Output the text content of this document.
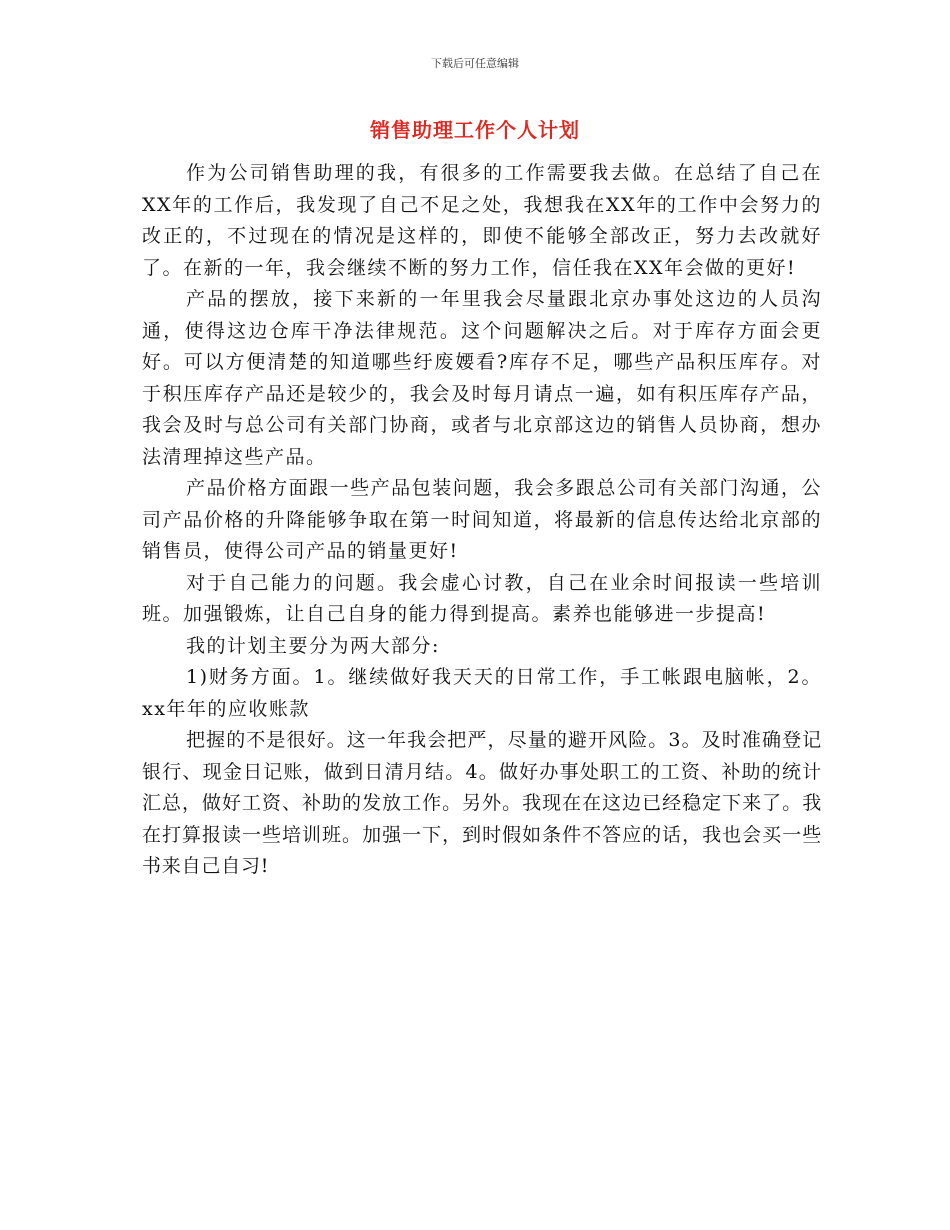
下载后可任意编辑
销售助理工作个人计划

作为公司销售助理的我，有很多的工作需要我去做。在总结了自己在XX年的工作后，我发现了自己不足之处，我想我在XX年的工作中会努力的改正的，不过现在的情况是这样的，即使不能够全部改正，努力去改就好了。在新的一年，我会继续不断的努力工作，信任我在XX年会做的更好!

产品的摆放，接下来新的一年里我会尽量跟北京办事处这边的人员沟通，使得这边仓库干净法律规范。这个问题解决之后。对于库存方面会更好。可以方便清楚的知道哪些纡废婹看?库存不足，哪些产品积压库存。对于积压库存产品还是较少的，我会及时每月请点一遍，如有积压库存产品，我会及时与总公司有关部门协商，或者与北京部这边的销售人员协商，想办法清理掉这些产品。

产品价格方面跟一些产品包装问题，我会多跟总公司有关部门沟通，公司产品价格的升降能够争取在第一时间知道，将最新的信息传达给北京部的销售员，使得公司产品的销量更好!

对于自己能力的问题。我会虚心讨教，自己在业余时间报读一些培训班。加强锻炼，让自己自身的能力得到提高。素养也能够进一步提高!

我的计划主要分为两大部分:

1)财务方面。1。继续做好我天天的日常工作，手工帐跟电脑帐，2。xx年年的应收账款

把握的不是很好。这一年我会把严，尽量的避开风险。3。及时准确登记银行、现金日记账，做到日清月结。4。做好办事处职工的工资、补助的统计汇总，做好工资、补助的发放工作。另外。我现在在这边已经稳定下来了。我在打算报读一些培训班。加强一下，到时假如条件不答应的话，我也会买一些书来自己自习!
